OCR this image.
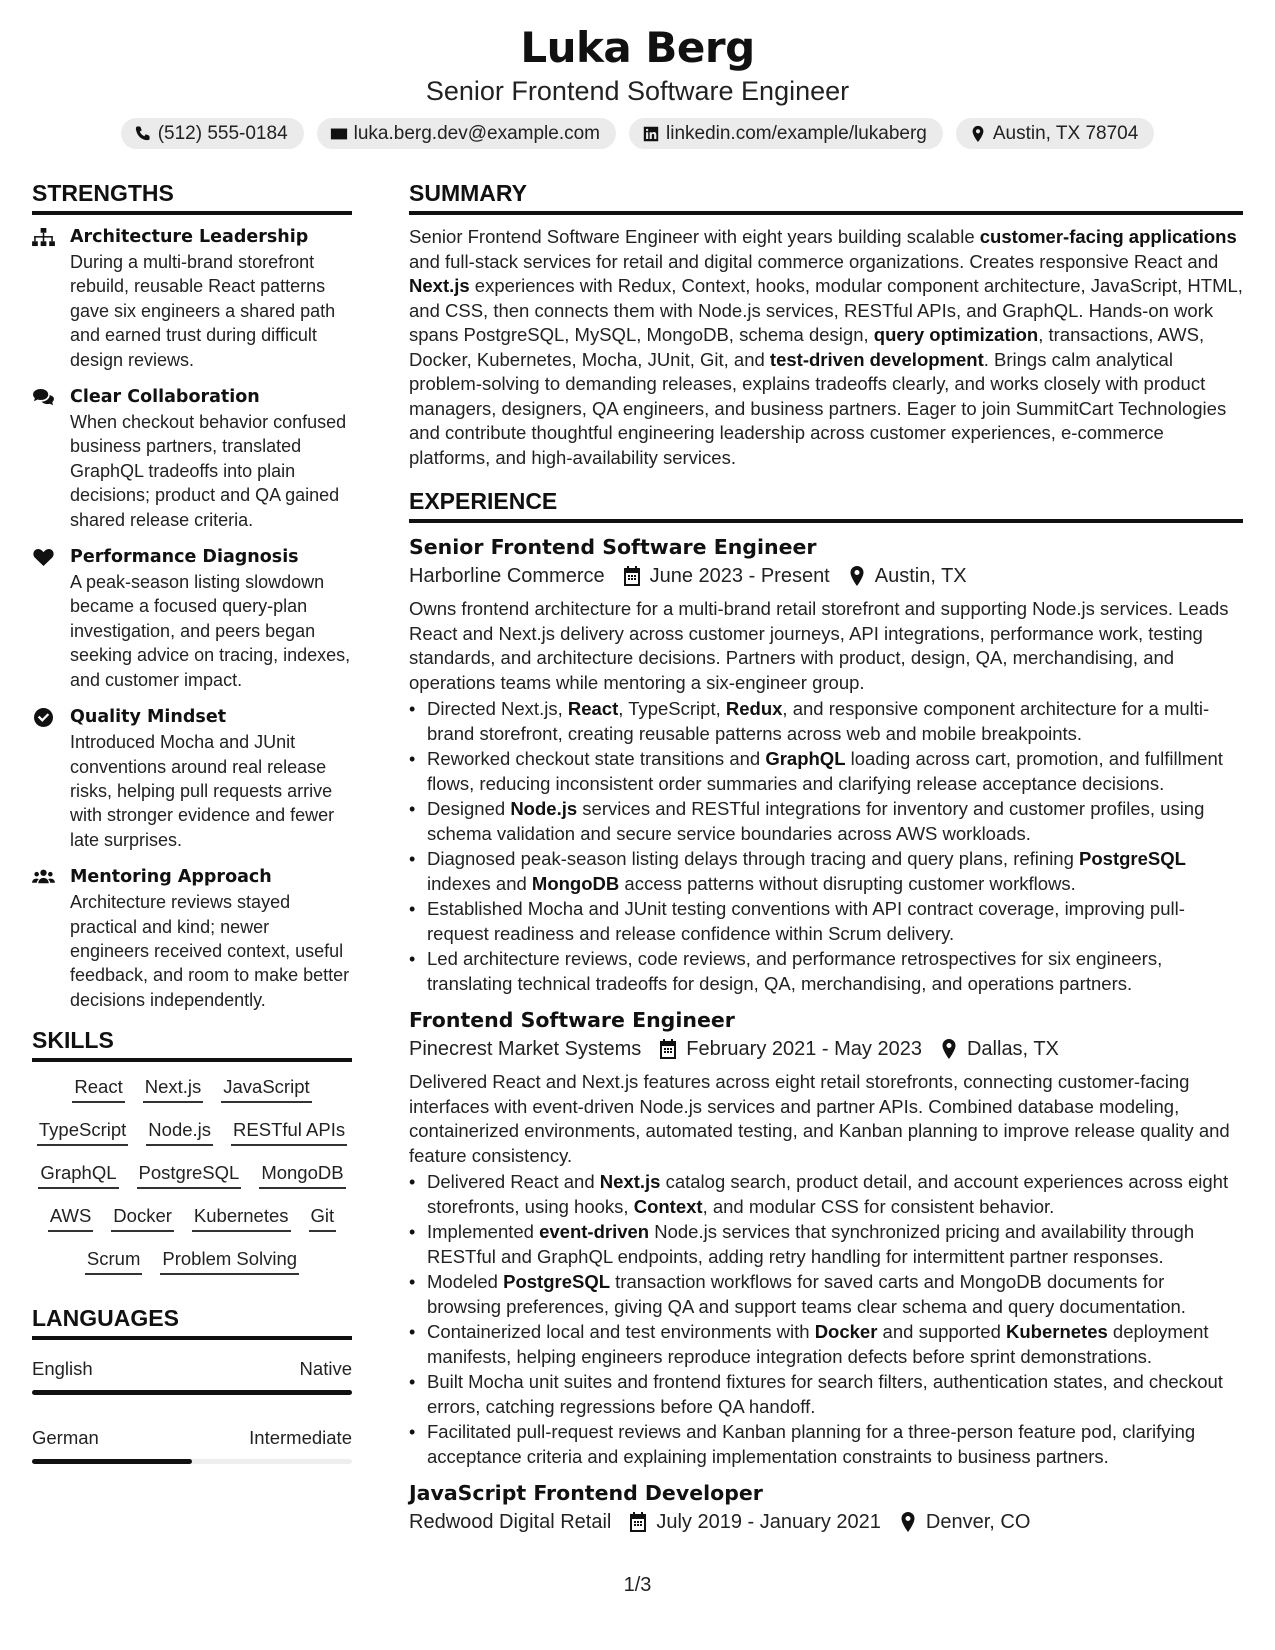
Luka Berg
Senior Frontend Software Engineer
(512) 555-0184	luka.berg.dev@example.com	linkedin.com/example/lukaberg	Austin, TX 78704
STRENGTHS
Architecture Leadership
During a multi-brand storefront rebuild, reusable React patterns gave six engineers a shared path and earned trust during difficult design reviews.
Clear Collaboration
When checkout behavior confused business partners, translated GraphQL tradeoffs into plain decisions; product and QA gained shared release criteria.
Performance Diagnosis
A peak-season listing slowdown became a focused query-plan investigation, and peers began seeking advice on tracing, indexes, and customer impact.
Quality Mindset
Introduced Mocha and JUnit conventions around real release risks, helping pull requests arrive with stronger evidence and fewer late surprises.
Mentoring Approach
Architecture reviews stayed practical and kind; newer engineers received context, useful feedback, and room to make better decisions independently.
SKILLS
React Next.js JavaScript
TypeScript Node.js RESTful APIs
GraphQL PostgreSQL MongoDB
AWS Docker Kubernetes Git
Scrum Problem Solving
LANGUAGES
English	Native
German	Intermediate
SUMMARY
Senior Frontend Software Engineer with eight years building scalable customer-facing applications and full-stack services for retail and digital commerce organizations. Creates responsive React and Next.js experiences with Redux, Context, hooks, modular component architecture, JavaScript, HTML, and CSS, then connects them with Node.js services, RESTful APIs, and GraphQL. Hands-on work spans PostgreSQL, MySQL, MongoDB, schema design, query optimization, transactions, AWS, Docker, Kubernetes, Mocha, JUnit, Git, and test-driven development. Brings calm analytical problem-solving to demanding releases, explains tradeoffs clearly, and works closely with product managers, designers, QA engineers, and business partners. Eager to join SummitCart Technologies and contribute thoughtful engineering leadership across customer experiences, e-commerce platforms, and high-availability services.
EXPERIENCE
Senior Frontend Software Engineer
Harborline Commerce June 2023 - Present Austin, TX
Owns frontend architecture for a multi-brand retail storefront and supporting Node.js services. Leads React and Next.js delivery across customer journeys, API integrations, performance work, testing standards, and architecture decisions. Partners with product, design, QA, merchandising, and operations teams while mentoring a six-engineer group.
• Directed Next.js, React, TypeScript, Redux, and responsive component architecture for a multi-brand storefront, creating reusable patterns across web and mobile breakpoints.
• Reworked checkout state transitions and GraphQL loading across cart, promotion, and fulfillment flows, reducing inconsistent order summaries and clarifying release acceptance decisions.
• Designed Node.js services and RESTful integrations for inventory and customer profiles, using schema validation and secure service boundaries across AWS workloads.
• Diagnosed peak-season listing delays through tracing and query plans, refining PostgreSQL indexes and MongoDB access patterns without disrupting customer workflows.
• Established Mocha and JUnit testing conventions with API contract coverage, improving pull-request readiness and release confidence within Scrum delivery.
• Led architecture reviews, code reviews, and performance retrospectives for six engineers, translating technical tradeoffs for design, QA, merchandising, and operations partners.
Frontend Software Engineer
Pinecrest Market Systems February 2021 - May 2023 Dallas, TX
Delivered React and Next.js features across eight retail storefronts, connecting customer-facing interfaces with event-driven Node.js services and partner APIs. Combined database modeling, containerized environments, automated testing, and Kanban planning to improve release quality and feature consistency.
• Delivered React and Next.js catalog search, product detail, and account experiences across eight storefronts, using hooks, Context, and modular CSS for consistent behavior.
• Implemented event-driven Node.js services that synchronized pricing and availability through RESTful and GraphQL endpoints, adding retry handling for intermittent partner responses.
• Modeled PostgreSQL transaction workflows for saved carts and MongoDB documents for browsing preferences, giving QA and support teams clear schema and query documentation.
• Containerized local and test environments with Docker and supported Kubernetes deployment manifests, helping engineers reproduce integration defects before sprint demonstrations.
• Built Mocha unit suites and frontend fixtures for search filters, authentication states, and checkout errors, catching regressions before QA handoff.
• Facilitated pull-request reviews and Kanban planning for a three-person feature pod, clarifying acceptance criteria and explaining implementation constraints to business partners.
JavaScript Frontend Developer
Redwood Digital Retail July 2019 - January 2021 Denver, CO
1/3
